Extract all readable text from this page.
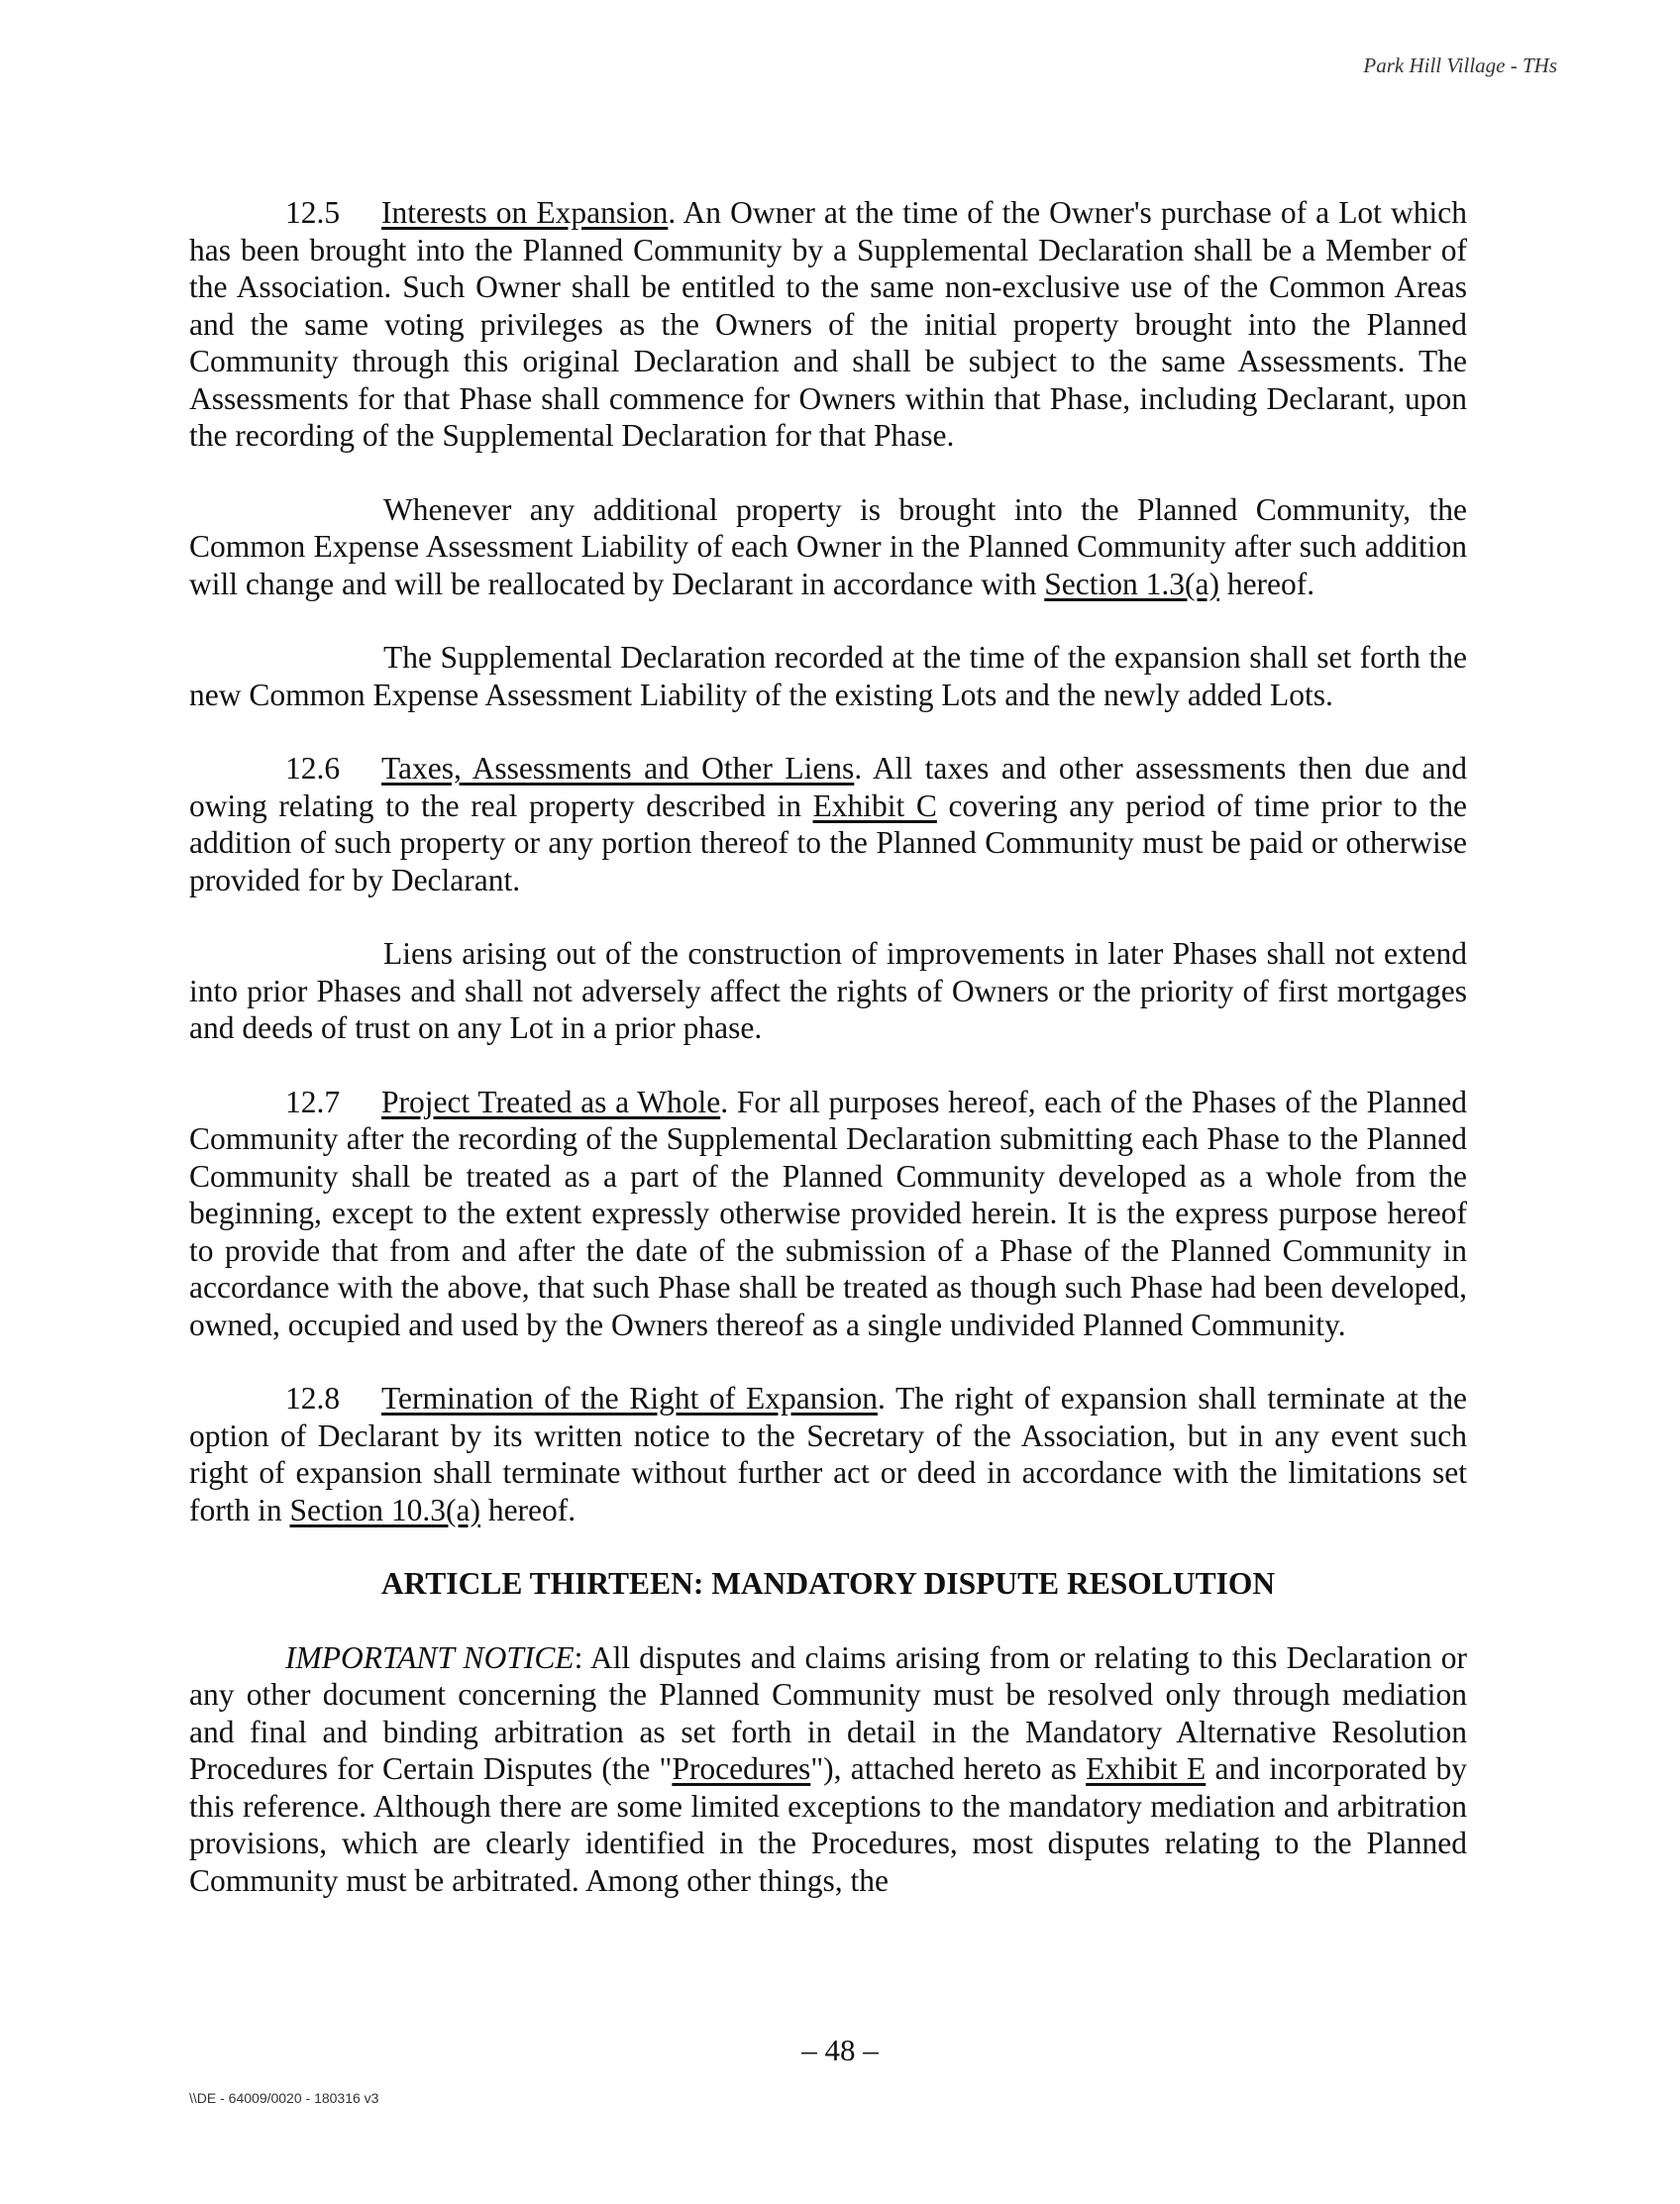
Park Hill Village - THs

12.5 Interests on Expansion. An Owner at the time of the Owner's purchase of a Lot which has been brought into the Planned Community by a Supplemental Declaration shall be a Member of the Association. Such Owner shall be entitled to the same non-exclusive use of the Common Areas and the same voting privileges as the Owners of the initial property brought into the Planned Community through this original Declaration and shall be subject to the same Assessments. The Assessments for that Phase shall commence for Owners within that Phase, including Declarant, upon the recording of the Supplemental Declaration for that Phase.

Whenever any additional property is brought into the Planned Community, the Common Expense Assessment Liability of each Owner in the Planned Community after such addition will change and will be reallocated by Declarant in accordance with Section 1.3(a) hereof.

The Supplemental Declaration recorded at the time of the expansion shall set forth the new Common Expense Assessment Liability of the existing Lots and the newly added Lots.

12.6 Taxes, Assessments and Other Liens. All taxes and other assessments then due and owing relating to the real property described in Exhibit C covering any period of time prior to the addition of such property or any portion thereof to the Planned Community must be paid or otherwise provided for by Declarant.

Liens arising out of the construction of improvements in later Phases shall not extend into prior Phases and shall not adversely affect the rights of Owners or the priority of first mortgages and deeds of trust on any Lot in a prior phase.

12.7 Project Treated as a Whole. For all purposes hereof, each of the Phases of the Planned Community after the recording of the Supplemental Declaration submitting each Phase to the Planned Community shall be treated as a part of the Planned Community developed as a whole from the beginning, except to the extent expressly otherwise provided herein. It is the express purpose hereof to provide that from and after the date of the submission of a Phase of the Planned Community in accordance with the above, that such Phase shall be treated as though such Phase had been developed, owned, occupied and used by the Owners thereof as a single undivided Planned Community.

12.8 Termination of the Right of Expansion. The right of expansion shall terminate at the option of Declarant by its written notice to the Secretary of the Association, but in any event such right of expansion shall terminate without further act or deed in accordance with the limitations set forth in Section 10.3(a) hereof.

ARTICLE THIRTEEN: MANDATORY DISPUTE RESOLUTION

IMPORTANT NOTICE: All disputes and claims arising from or relating to this Declaration or any other document concerning the Planned Community must be resolved only through mediation and final and binding arbitration as set forth in detail in the Mandatory Alternative Resolution Procedures for Certain Disputes (the "Procedures"), attached hereto as Exhibit E and incorporated by this reference. Although there are some limited exceptions to the mandatory mediation and arbitration provisions, which are clearly identified in the Procedures, most disputes relating to the Planned Community must be arbitrated. Among other things, the

– 48 –
\\DE - 64009/0020 - 180316 v3
